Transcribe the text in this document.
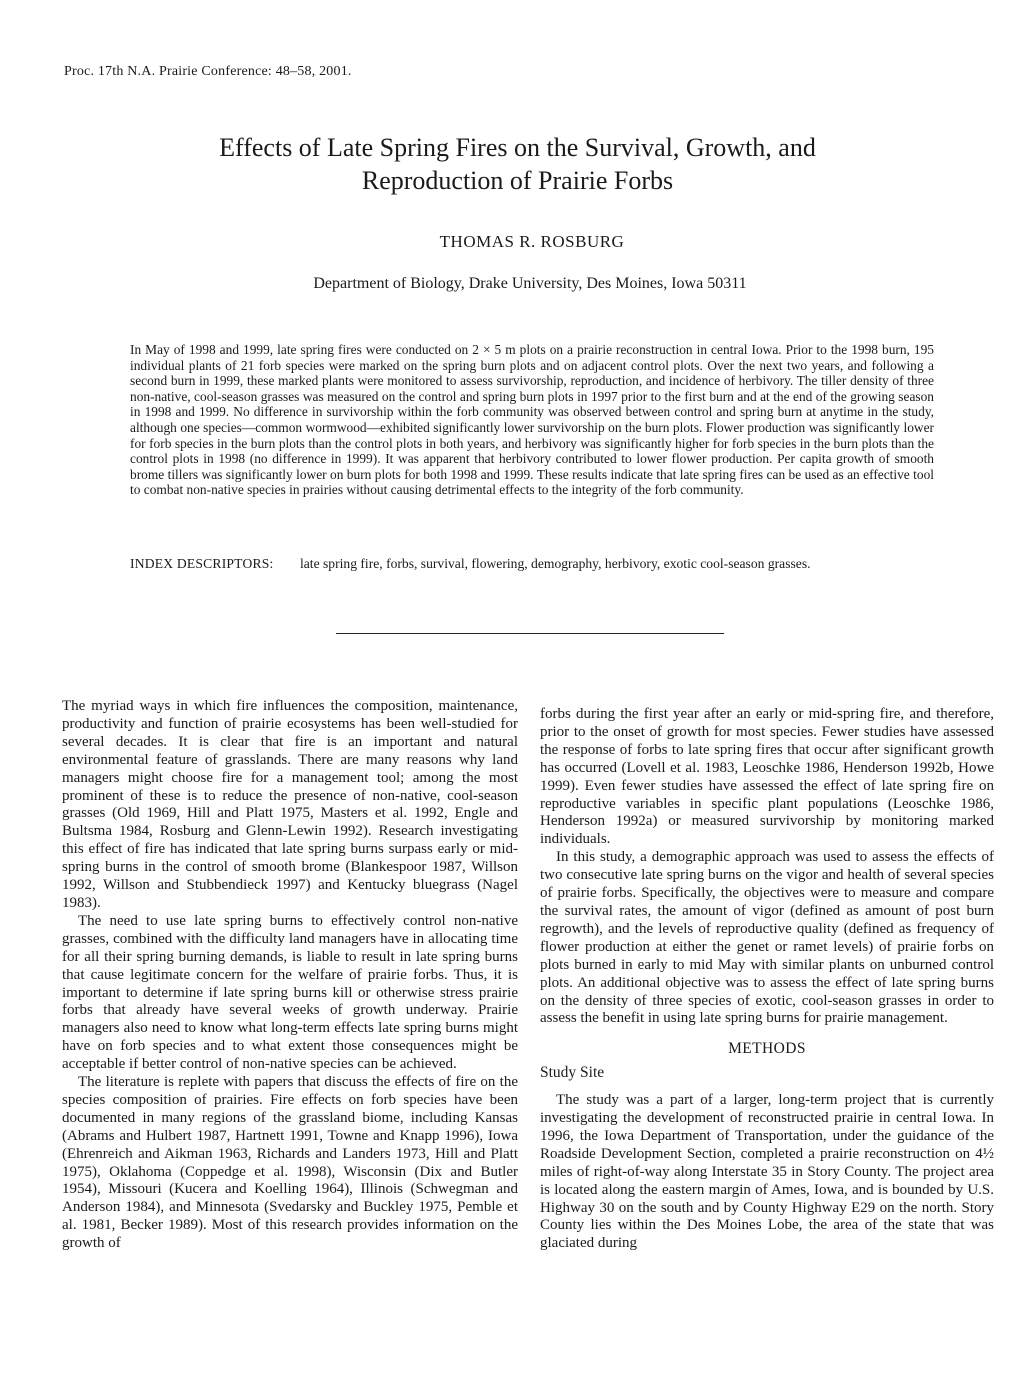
Proc. 17th N.A. Prairie Conference: 48–58, 2001.
Effects of Late Spring Fires on the Survival, Growth, and
Reproduction of Prairie Forbs
THOMAS R. ROSBURG
Department of Biology, Drake University, Des Moines, Iowa 50311

In May of 1998 and 1999, late spring fires were conducted on 2 × 5 m plots on a prairie reconstruction in central Iowa. Prior to the 1998 burn, 195 individual plants of 21 forb species were marked on the spring burn plots and on adjacent control plots. Over the next two years, and following a second burn in 1999, these marked plants were monitored to assess survivorship, reproduction, and incidence of herbivory. The tiller density of three non-native, cool-season grasses was measured on the control and spring burn plots in 1997 prior to the first burn and at the end of the growing season in 1998 and 1999. No difference in survivorship within the forb community was observed between control and spring burn at anytime in the study, although one species—common wormwood—exhibited significantly lower survivorship on the burn plots. Flower production was significantly lower for forb species in the burn plots than the control plots in both years, and herbivory was significantly higher for forb species in the burn plots than the control plots in 1998 (no difference in 1999). It was apparent that herbivory contributed to lower flower production. Per capita growth of smooth brome tillers was significantly lower on burn plots for both 1998 and 1999. These results indicate that late spring fires can be used as an effective tool to combat non-native species in prairies without causing detrimental effects to the integrity of the forb community.

INDEX DESCRIPTORS:	late spring fire, forbs, survival, flowering, demography, herbivory, exotic cool-season grasses.

The myriad ways in which fire influences the composition, maintenance, productivity and function of prairie ecosystems has been well-studied for several decades. It is clear that fire is an important and natural environmental feature of grasslands. There are many reasons why land managers might choose fire for a management tool; among the most prominent of these is to reduce the presence of non-native, cool-season grasses (Old 1969, Hill and Platt 1975, Masters et al. 1992, Engle and Bultsma 1984, Rosburg and Glenn-Lewin 1992). Research investigating this effect of fire has indicated that late spring burns surpass early or mid-spring burns in the control of smooth brome (Blankespoor 1987, Willson 1992, Willson and Stubbendieck 1997) and Kentucky bluegrass (Nagel 1983).

The need to use late spring burns to effectively control non-native grasses, combined with the difficulty land managers have in allocating time for all their spring burning demands, is liable to result in late spring burns that cause legitimate concern for the welfare of prairie forbs. Thus, it is important to determine if late spring burns kill or otherwise stress prairie forbs that already have several weeks of growth underway. Prairie managers also need to know what long-term effects late spring burns might have on forb species and to what extent those consequences might be acceptable if better control of non-native species can be achieved.

The literature is replete with papers that discuss the effects of fire on the species composition of prairies. Fire effects on forb species have been documented in many regions of the grassland biome, including Kansas (Abrams and Hulbert 1987, Hartnett 1991, Towne and Knapp 1996), Iowa (Ehrenreich and Aikman 1963, Richards and Landers 1973, Hill and Platt 1975), Oklahoma (Coppedge et al. 1998), Wisconsin (Dix and Butler 1954), Missouri (Kucera and Koelling 1964), Illinois (Schwegman and Anderson 1984), and Minnesota (Svedarsky and Buckley 1975, Pemble et al. 1981, Becker 1989). Most of this research provides information on the growth of

forbs during the first year after an early or mid-spring fire, and therefore, prior to the onset of growth for most species. Fewer studies have assessed the response of forbs to late spring fires that occur after significant growth has occurred (Lovell et al. 1983, Leoschke 1986, Henderson 1992b, Howe 1999). Even fewer studies have assessed the effect of late spring fire on reproductive variables in specific plant populations (Leoschke 1986, Henderson 1992a) or measured survivorship by monitoring marked individuals.

In this study, a demographic approach was used to assess the effects of two consecutive late spring burns on the vigor and health of several species of prairie forbs. Specifically, the objectives were to measure and compare the survival rates, the amount of vigor (defined as amount of post burn regrowth), and the levels of reproductive quality (defined as frequency of flower production at either the genet or ramet levels) of prairie forbs on plots burned in early to mid May with similar plants on unburned control plots. An additional objective was to assess the effect of late spring burns on the density of three species of exotic, cool-season grasses in order to assess the benefit in using late spring burns for prairie management.

METHODS
Study Site

The study was a part of a larger, long-term project that is currently investigating the development of reconstructed prairie in central Iowa. In 1996, the Iowa Department of Transportation, under the guidance of the Roadside Development Section, completed a prairie reconstruction on 4½ miles of right-of-way along Interstate 35 in Story County. The project area is located along the eastern margin of Ames, Iowa, and is bounded by U.S. Highway 30 on the south and by County Highway E29 on the north. Story County lies within the Des Moines Lobe, the area of the state that was glaciated during
